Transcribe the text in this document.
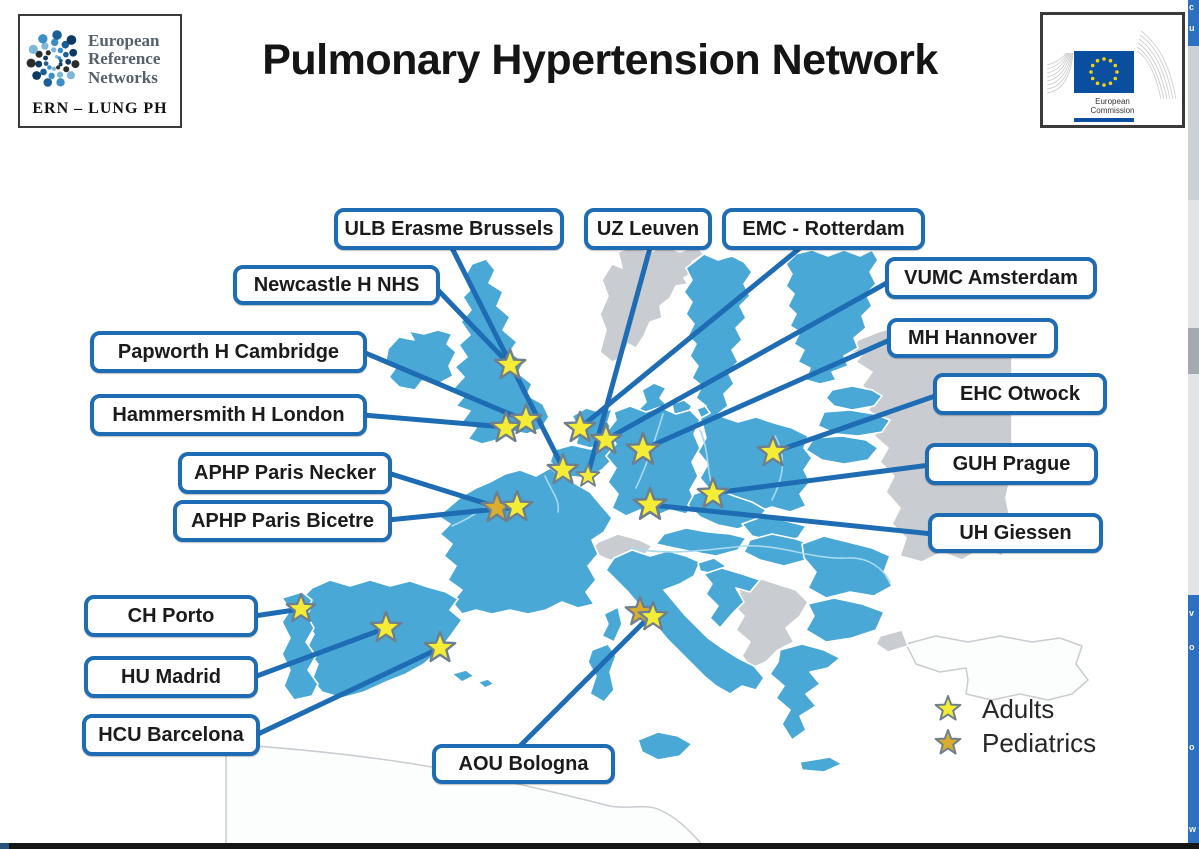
European
Reference
Networks
ERN – LUNG PH
Pulmonary Hypertension Network
European
Commission
ULB Erasme Brussels	UZ Leuven	EMC - Rotterdam
Newcastle H NHS	VUMC Amsterdam
Papworth H Cambridge
MH Hannover
EHC Otwock
Hammersmith H London
GUH Prague
APHP Paris Necker
UH Giessen
APHP Paris Bicetre
CH Porto
HU Madrid
HCU Barcelona
AOU Bologna
Adults
Pediatrics
c
u
v
o
o
w
